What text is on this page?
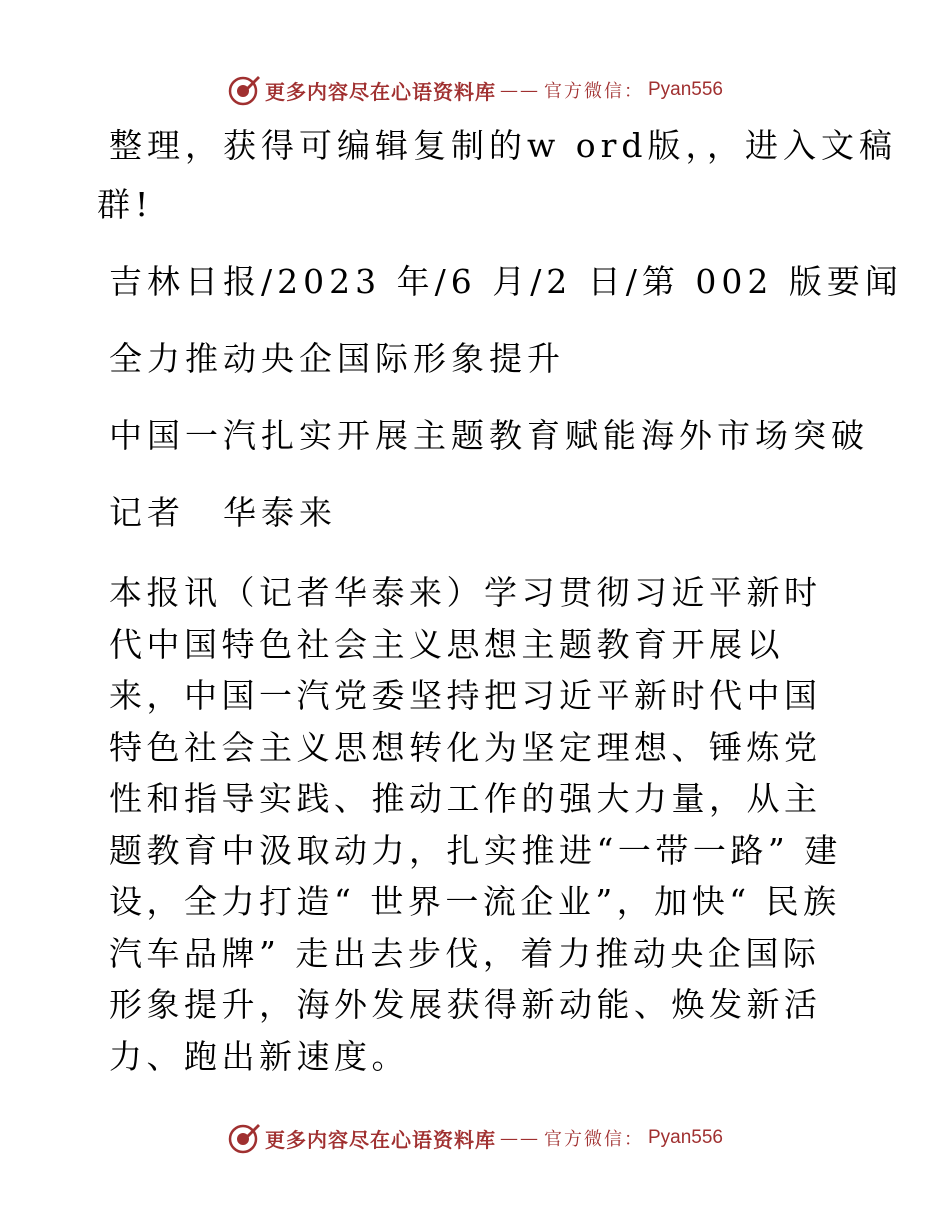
更多内容尽在心语资料库 —— 官方微信： Pyan556
整理，获得可编辑复制的w ord版，，进入文稿
群!
吉林日报/2023 年/6 月/2 日/第 002 版要闻
全力推动央企国际形象提升
中国一汽扎实开展主题教育赋能海外市场突破
记者　华泰来
本报讯（记者华泰来）学习贯彻习近平新时代中国特色社会主义思想主题教育开展以来，中国一汽党委坚持把习近平新时代中国特色社会主义思想转化为坚定理想、锤炼党性和指导实践、推动工作的强大力量，从主题教育中汲取动力，扎实推进“一带一路” 建设，全力打造“ 世界一流企业”，加快“ 民族汽车品牌” 走出去步伐，着力推动央企国际形象提升，海外发展获得新动能、焕发新活力、跑出新速度。
更多内容尽在心语资料库 —— 官方微信： Pyan556
